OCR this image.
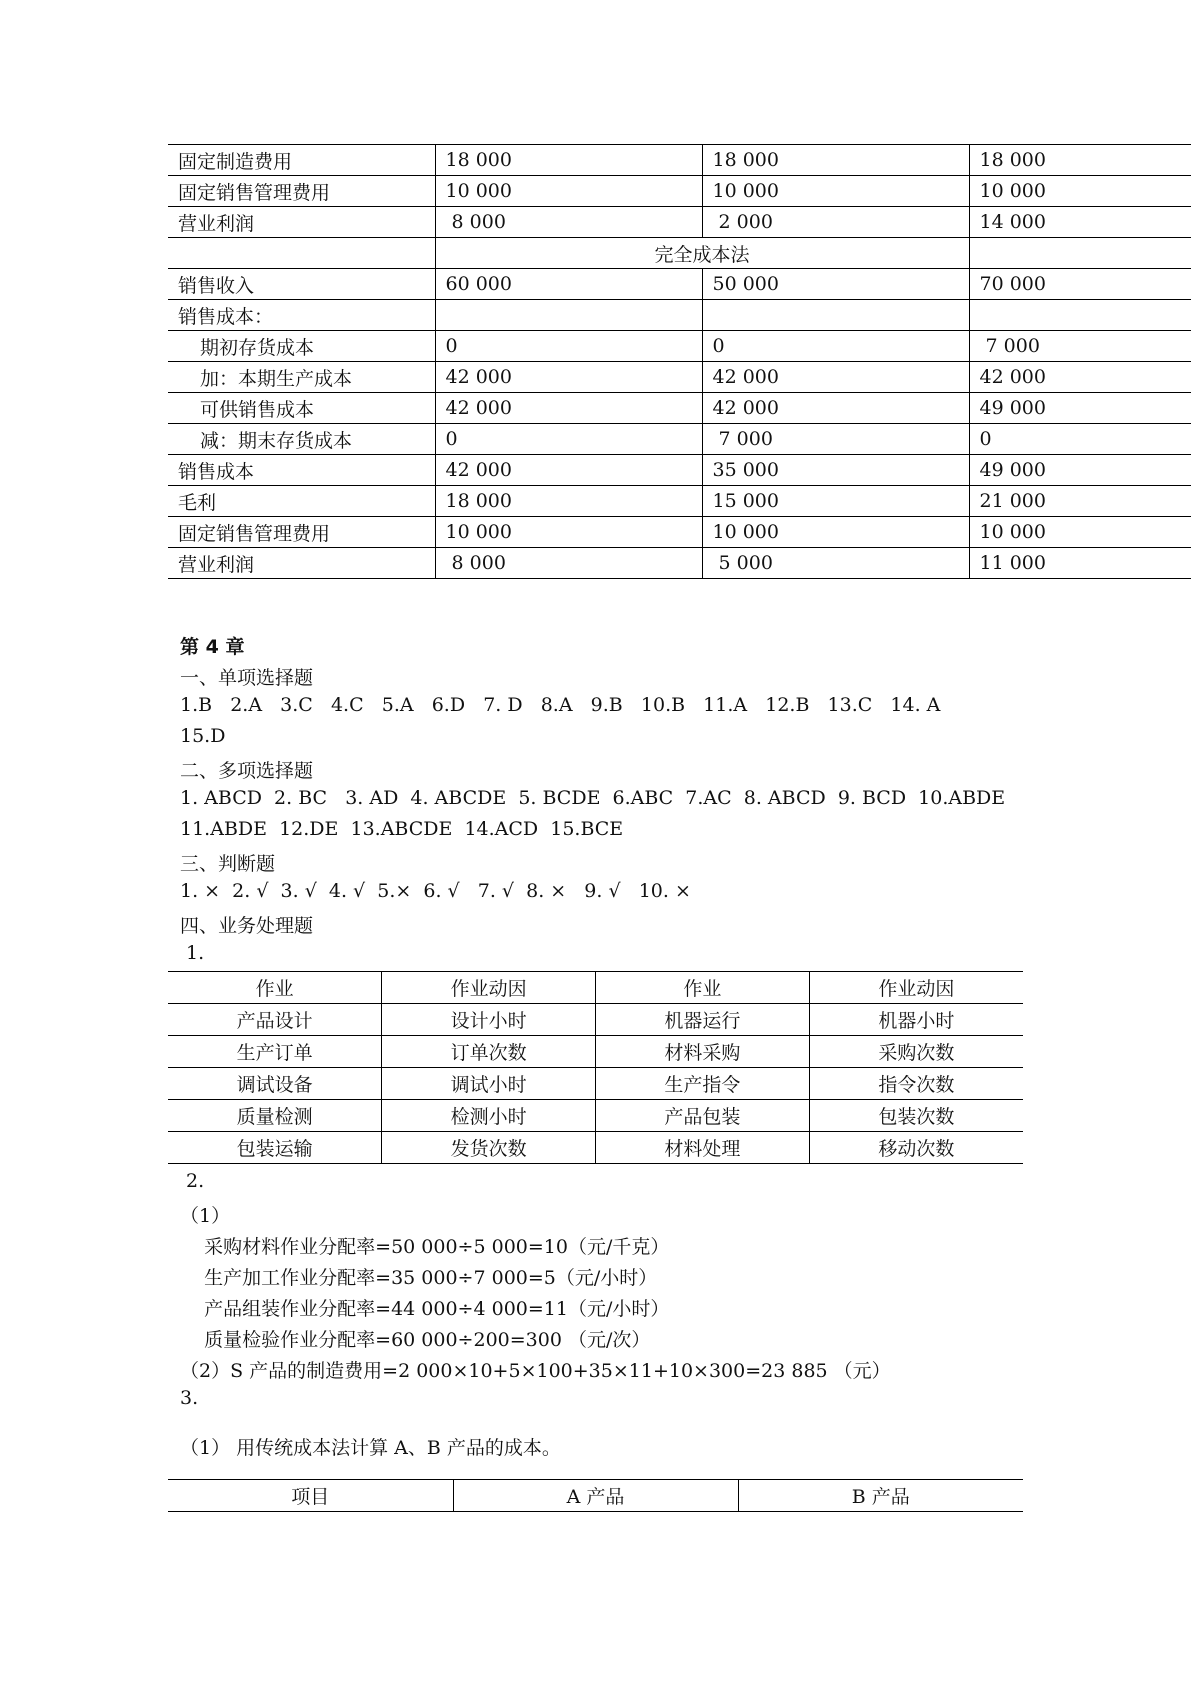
固定制造费用	18 000	18 000	18 000
固定销售管理费用	10 000	10 000	10 000
营业利润	8 000	2 000	14 000
	完全成本法		
销售收入	60 000	50 000	70 000
销售成本：			
期初存货成本	0	0	7 000
加：本期生产成本	42 000	42 000	42 000
可供销售成本	42 000	42 000	49 000
减：期末存货成本	0	7 000	0
销售成本	42 000	35 000	49 000
毛利	18 000	15 000	21 000
固定销售管理费用	10 000	10 000	10 000
营业利润	8 000	5 000	11 000
第 4 章
一、单项选择题
1.B   2.A   3.C   4.C   5.A   6.D   7. D   8.A   9.B   10.B   11.A   12.B   13.C   14. A
15.D
二、多项选择题
1. ABCD  2. BC   3. AD  4. ABCDE  5. BCDE  6.ABC  7.AC  8. ABCD  9. BCD  10.ABDE
11.ABDE  12.DE  13.ABCDE  14.ACD  15.BCE
三、判断题
1. ×  2. √  3. √  4. √  5.×  6. √   7. √  8. ×   9. √   10. ×
四、业务处理题
1.
作业	作业动因	作业	作业动因
产品设计	设计小时	机器运行	机器小时
生产订单	订单次数	材料采购	采购次数
调试设备	调试小时	生产指令	指令次数
质量检测	检测小时	产品包装	包装次数
包装运输	发货次数	材料处理	移动次数
2.
（1）
采购材料作业分配率=50 000÷5 000=10（元/千克）
生产加工作业分配率=35 000÷7 000=5（元/小时）
产品组装作业分配率=44 000÷4 000=11（元/小时）
质量检验作业分配率=60 000÷200=300 （元/次）
（2）S 产品的制造费用=2 000×10+5×100+35×11+10×300=23 885 （元）
3.
（1） 用传统成本法计算 A、B 产品的成本。
项目	A 产品	B 产品
